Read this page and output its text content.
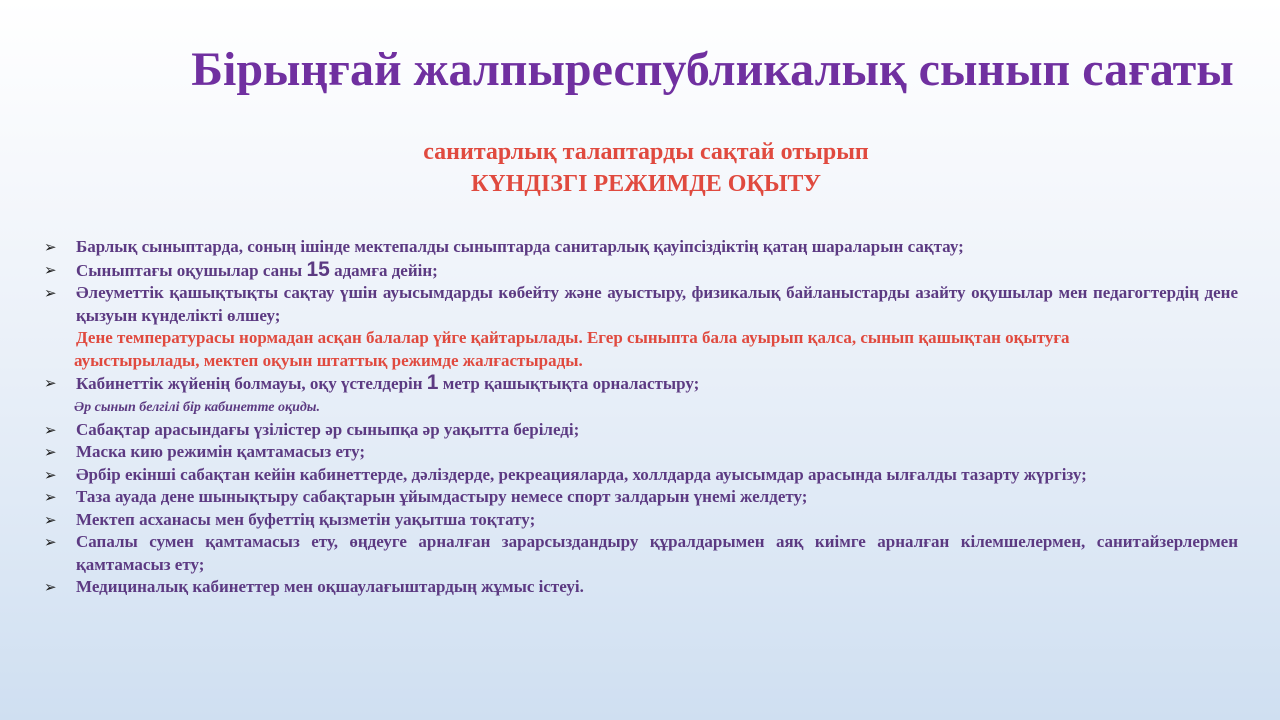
Бірыңғай жалпыреспубликалық сынып сағаты
санитарлық талаптарды сақтай отырып
КҮНДІЗГІ РЕЖИМДЕ ОҚЫТУ
➢ Барлық сыныптарда, соның ішінде мектепалды сыныптарда санитарлық қауіпсіздіктің қатаң шараларын сақтау;
➢ Сыныптағы оқушылар саны 15 адамға дейін;
➢ Әлеуметтік қашықтықты сақтау үшін ауысымдарды көбейту және ауыстыру, физикалық байланыстарды азайту оқушылар мен педагогтердің дене қызуын күнделікті өлшеу;
Дене температурасы нормадан асқан балалар үйге қайтарылады. Егер сыныпта бала ауырып қалса, сынып қашықтан оқытуға
ауыстырылады, мектеп оқуын штаттық режимде жалғастырады.
➢ Кабинеттік жүйенің болмауы, оқу үстелдерін 1 метр қашықтықта орналастыру;
Әр сынып белгілі бір кабинетте оқиды.
➢ Сабақтар арасындағы үзілістер әр сыныпқа әр уақытта беріледі;
➢ Маска кию режимін қамтамасыз ету;
➢ Әрбір екінші сабақтан кейін кабинеттерде, дәліздерде, рекреацияларда, холлдарда ауысымдар арасында ылғалды тазарту жүргізу;
➢ Таза ауада дене шынықтыру сабақтарын ұйымдастыру немесе спорт залдарын үнемі желдету;
➢ Мектеп асханасы мен буфеттің қызметін уақытша тоқтату;
➢ Сапалы сумен қамтамасыз ету, өңдеуге арналған зарарсыздандыру құралдарымен аяқ киімге арналған кілемшелермен, санитайзерлермен қамтамасыз ету;
➢ Медициналық кабинеттер мен оқшаулағыштардың жұмыс істеуі.
